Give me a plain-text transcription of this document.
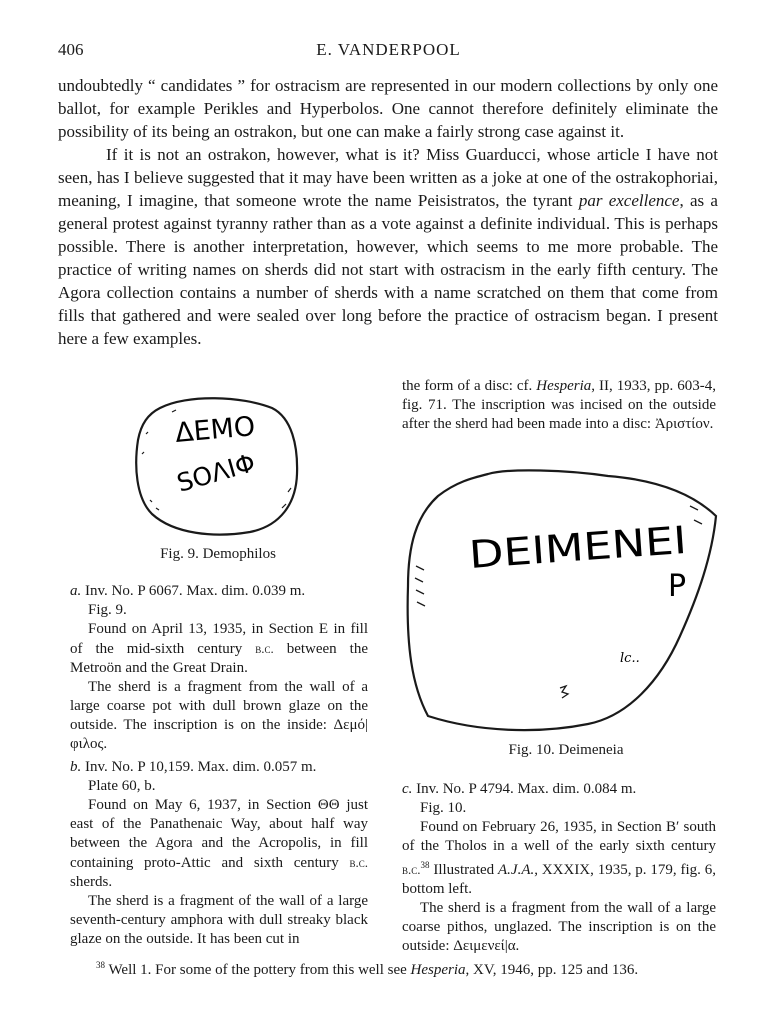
406	E. VANDERPOOL

undoubtedly “ candidates ” for ostracism are represented in our modern collections by only one ballot, for example Perikles and Hyperbolos. One cannot therefore definitely eliminate the possibility of its being an ostrakon, but one can make a fairly strong case against it.

If it is not an ostrakon, however, what is it? Miss Guarducci, whose article I have not seen, has I believe suggested that it may have been written as a joke at one of the ostrakophoriai, meaning, I imagine, that someone wrote the name Peisistratos, the tyrant par excellence, as a general protest against tyranny rather than as a vote against a definite individual. This is perhaps possible. There is another interpretation, however, which seems to me more probable. The practice of writing names on sherds did not start with ostracism in the early fifth century. The Agora collection contains a number of sherds with a name scratched on them that come from fills that gathered and were sealed over long before the practice of ostracism began. I present here a few examples.

ΔΕΜΟ
SOΛIΦ
Fig. 9. Demophilos	DEIMENEI
P
lc..
Fig. 10. Deimeneia

a. Inv. No. P 6067. Max. dim. 0.039 m.

Fig. 9.

Found on April 13, 1935, in Section E in fill of the mid-sixth century b.c. between the Metroön and the Great Drain.

The sherd is a fragment from the wall of a large coarse pot with dull brown glaze on the outside. The inscription is on the inside: Δεμό|φιλος.

b. Inv. No. P 10,159. Max. dim. 0.057 m.

Plate 60, b.

Found on May 6, 1937, in Section ΘΘ just east of the Panathenaic Way, about half way between the Agora and the Acropolis, in fill containing proto-Attic and sixth century b.c. sherds.

The sherd is a fragment of the wall of a large seventh-century amphora with dull streaky black glaze on the outside. It has been cut in

the form of a disc: cf. Hesperia, II, 1933, pp. 603-4, fig. 71. The inscription was incised on the outside after the sherd had been made into a disc: Ἀριστίον.

c. Inv. No. P 4794. Max. dim. 0.084 m.

Fig. 10.

Found on February 26, 1935, in Section B′ south of the Tholos in a well of the early sixth century b.c.$^{38}$ Illustrated A.J.A., XXXIX, 1935, p. 179, fig. 6, bottom left.

The sherd is a fragment from the wall of a large coarse pithos, unglazed. The inscription is on the outside: Δειμενεί|α.

$^{38}$ Well 1. For some of the pottery from this well see Hesperia, XV, 1946, pp. 125 and 136.
